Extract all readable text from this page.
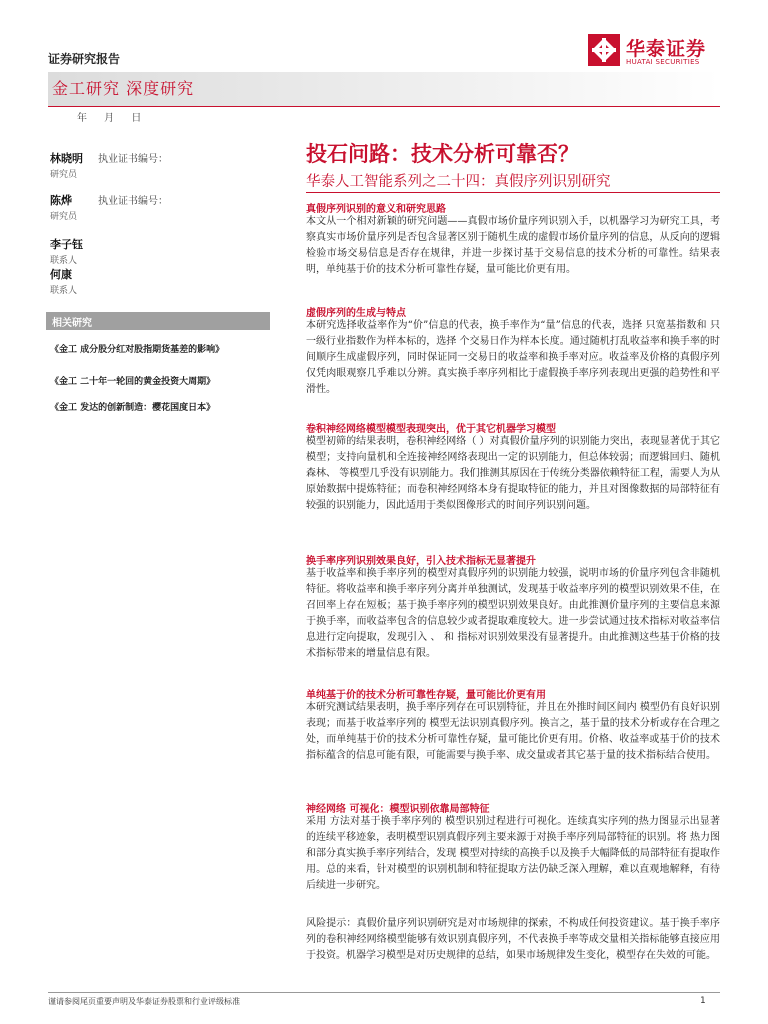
证券研究报告
金工研究 深度研究
年 月 日
华泰证券
HUATAI SECURITIES
林晓明
研究员
执业证书编号：
陈烨
研究员
执业证书编号：
李子钰
联系人
何康
联系人
相关研究
《金工 成分股分红对股指期货基差的影响》
《金工 二十年一轮回的黄金投资大周期》
《金工 发达的创新制造：樱花国度日本》
投石问路：技术分析可靠否？
华泰人工智能系列之二十四：真假序列识别研究
真假序列识别的意义和研究思路
本文从一个相对新颖的研究问题——真假市场价量序列识别入手，以机器学习为研究工具，考察真实市场价量序列是否包含显著区别于随机生成的虚假市场价量序列的信息，从反向的逻辑检验市场交易信息是否存在规律，并进一步探讨基于交易信息的技术分析的可靠性。结果表明，单纯基于价的技术分析可靠性存疑，量可能比价更有用。
虚假序列的生成与特点
本研究选择收益率作为“价”信息的代表，换手率作为“量”信息的代表，选择 只宽基指数和 只一级行业指数作为样本标的，选择 个交易日作为样本长度。通过随机打乱收益率和换手率的时间顺序生成虚假序列，同时保证同一交易日的收益率和换手率对应。收益率及价格的真假序列仅凭肉眼观察几乎难以分辨。真实换手率序列相比于虚假换手率序列表现出更强的趋势性和平滑性。
卷积神经网络模型模型表现突出，优于其它机器学习模型
模型初筛的结果表明，卷积神经网络（ ）对真假价量序列的识别能力突出，表现显著优于其它模型；支持向量机和全连接神经网络表现出一定的识别能力，但总体较弱；而逻辑回归、随机森林、 等模型几乎没有识别能力。我们推测其原因在于传统分类器依赖特征工程，需要人为从原始数据中提炼特征；而卷积神经网络本身有提取特征的能力，并且对图像数据的局部特征有较强的识别能力，因此适用于类似图像形式的时间序列识别问题。
换手率序列识别效果良好，引入技术指标无显著提升
基于收益率和换手率序列的模型对真假序列的识别能力较强，说明市场的价量序列包含非随机特征。将收益率和换手率序列分离并单独测试，发现基于收益率序列的模型识别效果不佳，在召回率上存在短板；基于换手率序列的模型识别效果良好。由此推测价量序列的主要信息来源于换手率，而收益率包含的信息较少或者提取难度较大。进一步尝试通过技术指标对收益率信息进行定向提取，发现引入 、 和 指标对识别效果没有显著提升。由此推测这些基于价格的技术指标带来的增量信息有限。
单纯基于价的技术分析可靠性存疑，量可能比价更有用
本研究测试结果表明，换手率序列存在可识别特征，并且在外推时间区间内 模型仍有良好识别表现；而基于收益率序列的 模型无法识别真假序列。换言之，基于量的技术分析或存在合理之处，而单纯基于价的技术分析可靠性存疑，量可能比价更有用。价格、收益率或基于价的技术指标蕴含的信息可能有限，可能需要与换手率、成交量或者其它基于量的技术指标结合使用。
神经网络 可视化：模型识别依靠局部特征
采用 方法对基于换手率序列的 模型识别过程进行可视化。连续真实序列的热力图显示出显著的连续平移迹象，表明模型识别真假序列主要来源于对换手率序列局部特征的识别。将 热力图和部分真实换手率序列结合，发现 模型对持续的高换手以及换手大幅降低的局部特征有提取作用。总的来看，针对模型的识别机制和特征提取方法仍缺乏深入理解，难以直观地解释，有待后续进一步研究。
风险提示：真假价量序列识别研究是对市场规律的探索，不构成任何投资建议。基于换手率序列的卷积神经网络模型能够有效识别真假序列，不代表换手率等成交量相关指标能够直接应用于投资。机器学习模型是对历史规律的总结，如果市场规律发生变化，模型存在失效的可能。
谨请参阅尾页重要声明及华泰证券股票和行业评级标准	1
